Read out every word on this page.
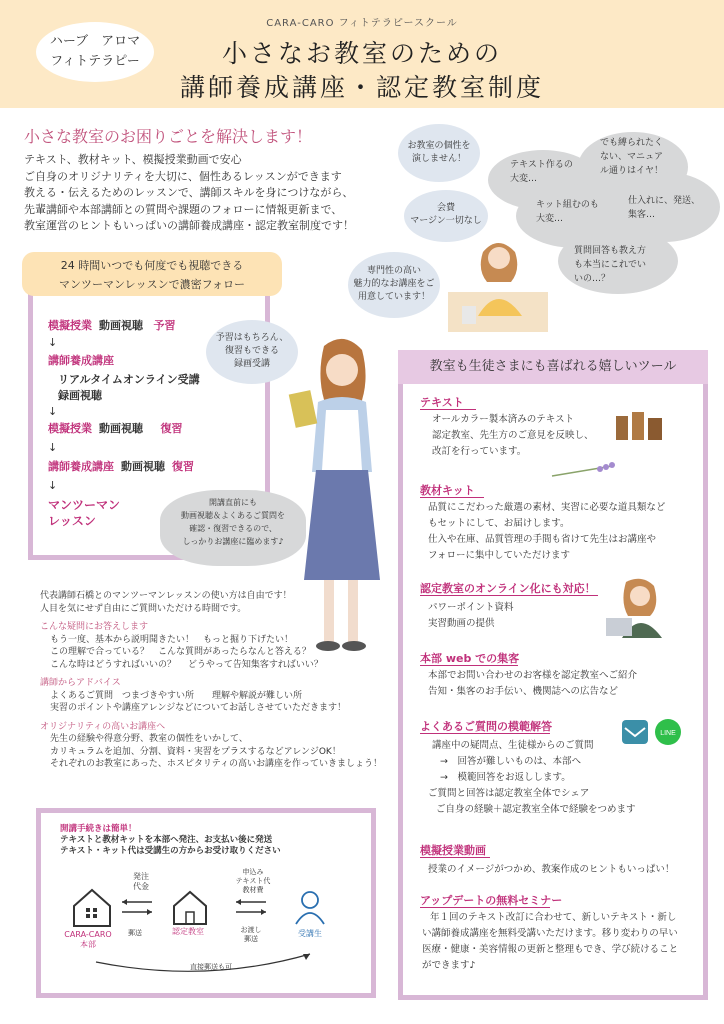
CARA-CARO フィトテラピースクール
ハーブ　アロマ
フィトテラピー	小さなお教室のための
講師養成講座・認定教室制度
小さな教室のお困りごとを解決します！
テキスト、教材キット、模擬授業動画で安心
ご自身のオリジナリティを大切に、個性あるレッスンができます
教える・伝えるためのレッスンで、講師スキルを身につけながら、
先輩講師や本部講師との質問や課題のフォローに情報更新まで、
教室運営のヒントもいっぱいの講師養成講座・認定教室制度です！
お教室の個性を
演しません！
会費
マージン一切なし
専門性の高い
魅力的なお講座をご
用意しています！
テキスト作るの
大変…
でも縛られたく
ない、マニュア
ル通りはイヤ！
キット組むのも
大変…
仕入れに、発送、
集客…
質問回答も教え方
も本当にこれでい
いの…？
24 時間いつでも何度でも視聴できる
マンツーマンレッスンで濃密フォロー
模擬授業 動画視聴 予習
↓
講師養成講座
リアルタイムオンライン受講
録画視聴
↓
模擬授業 動画視聴 復習
↓
講師養成講座 動画視聴 復習
↓
マンツーマン
レッスン
予習はもちろん、
復習もできる
録画受講
開講直前にも
動画視聴＆よくあるご質問を
確認・復習できるので、
しっかりお講座に臨めます♪
代表講師石橋とのマンツーマンレッスンの使い方は自由です！
人目を気にせず自由にご質問いただける時間です。
こんな疑問にお答えします
もう一度、基本から説明聞きたい！　もっと掘り下げたい！
この理解で合っている？　こんな質問があったらなんと答える？
こんな時はどうすればいいの？　 どうやって告知集客すればいい？
講師からアドバイス
よくあるご質問　つまづきやすい所　　理解や解説が難しい所
実習のポイントや講座アレンジなどについてお話しさせていただきます！
オリジナリティの高いお講座へ
先生の経験や得意分野、教室の個性をいかして、
カリキュラムを追加、分割、資料・実習をプラスするなどアレンジOK！
それぞれのお教室にあった、ホスピタリティの高いお講座を作っていきましょう！
開講手続きは簡単！
テキストと教材キットを本部へ発注、お支払い後に発送
テキスト・キット代は受講生の方からお受け取りください
発注
代金
郵送
申込み
テキスト代
教材費
お渡し
郵送
CARA-CARO
本部
認定教室	受講生
直接郵送も可
教室も生徒さまにも喜ばれる嬉しいツール
テキスト
オールカラー製本済みのテキスト
認定教室、先生方のご意見を反映し、
改訂を行っています。
教材キット
品質にこだわった厳選の素材、実習に必要な道具類など
もセットにして、お届けします。
仕入や在庫、品質管理の手間も省けて先生はお講座や
フォローに集中していただけます
認定教室のオンライン化にも対応！
パワーポイント資料
実習動画の提供
本部 web での集客
本部でお問い合わせのお客様を認定教室へご紹介
告知・集客のお手伝い、機関誌への広告など
よくあるご質問の模範解答
講座中の疑問点、生徒様からのご質問
→　回答が難しいものは、本部へ
→　模範回答をお返しします。
ご質問と回答は認定教室全体でシェア
ご自身の経験＋認定教室全体で経験をつめます
LINE
模擬授業動画
授業のイメージがつかめ、教案作成のヒントもいっぱい！
アップデートの無料セミナー
年１回のテキスト改訂に合わせて、新しいテキスト・新し
い講師養成講座を無料受講いただけます。移り変わりの早い
医療・健康・美容情報の更新と整理もでき、学び続けること
ができます♪
